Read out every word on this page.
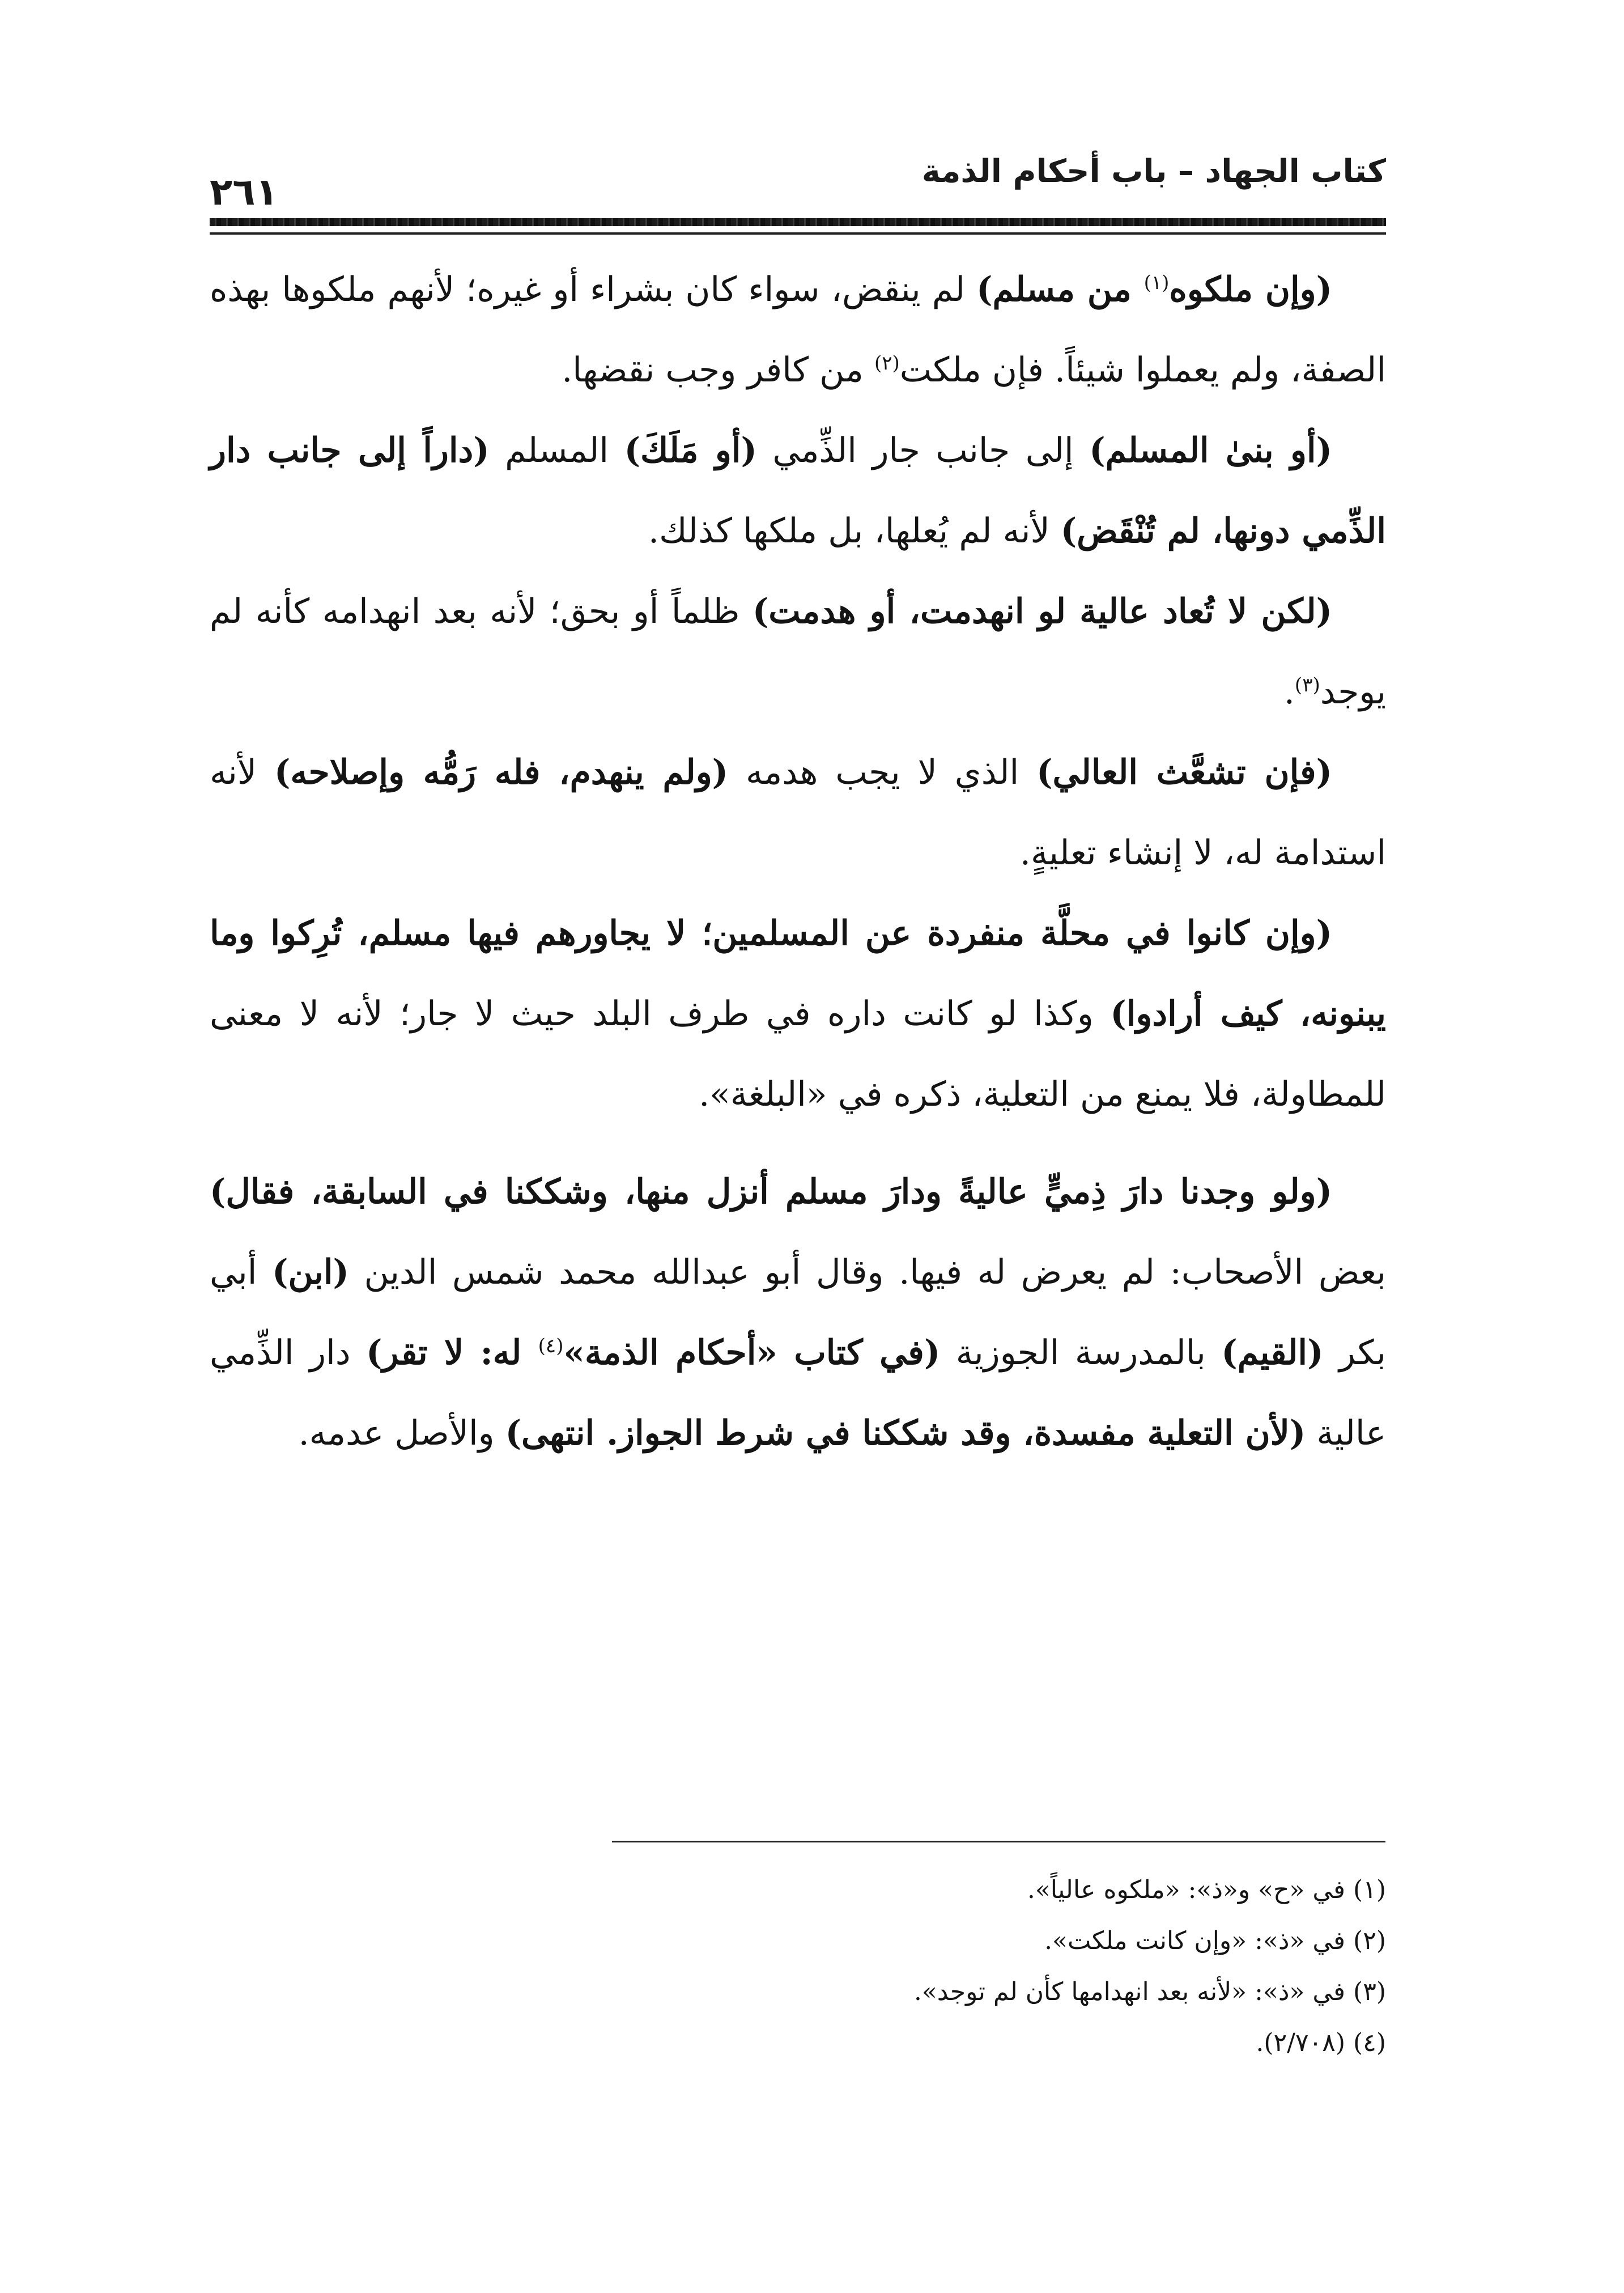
كتاب الجهاد – باب أحكام الذمة
٢٦١

(وإن ملكوه$^{(١)}$ من مسلم) لم ينقض، سواء كان بشراء أو غيره؛ لأنهم ملكوها بهذه الصفة، ولم يعملوا شيئاً. فإن ملكت$^{(٢)}$ من كافر وجب نقضها.

(أو بنىٰ المسلم) إلى جانب جار الذِّمي (أو مَلَكَ) المسلم (داراً إلى جانب دار الذِّمي دونها، لم تُنْقَض) لأنه لم يُعلها، بل ملكها كذلك.

(لكن لا تُعاد عالية لو انهدمت، أو هدمت) ظلماً أو بحق؛ لأنه بعد انهدامه كأنه لم يوجد$^{(٣)}$.

(فإن تشعَّث العالي) الذي لا يجب هدمه (ولم ينهدم، فله رَمُّه وإصلاحه) لأنه استدامة له، لا إنشاء تعليةٍ.

(وإن كانوا في محلَّة منفردة عن المسلمين؛ لا يجاورهم فيها مسلم، تُرِكوا وما يبنونه، كيف أرادوا) وكذا لو كانت داره في طرف البلد حيث لا جار؛ لأنه لا معنى للمطاولة، فلا يمنع من التعلية، ذكره في «البلغة».

(ولو وجدنا دارَ ذِميٍّ عاليةً ودارَ مسلم أنزل منها، وشككنا في السابقة، فقال) بعض الأصحاب: لم يعرض له فيها. وقال أبو عبدالله محمد شمس الدين (ابن) أبي بكر (القيم) بالمدرسة الجوزية (في كتاب «أحكام الذمة»$^{(٤)}$ له: لا تقر) دار الذِّمي عالية (لأن التعلية مفسدة، وقد شككنا في شرط الجواز. انتهى) والأصل عدمه.

(١) في «ح» و«ذ»: «ملكوه عالياً».

(٢) في «ذ»: «وإن كانت ملكت».

(٣) في «ذ»: «لأنه بعد انهدامها كأن لم توجد».

(٤) (٢/٧٠٨).
